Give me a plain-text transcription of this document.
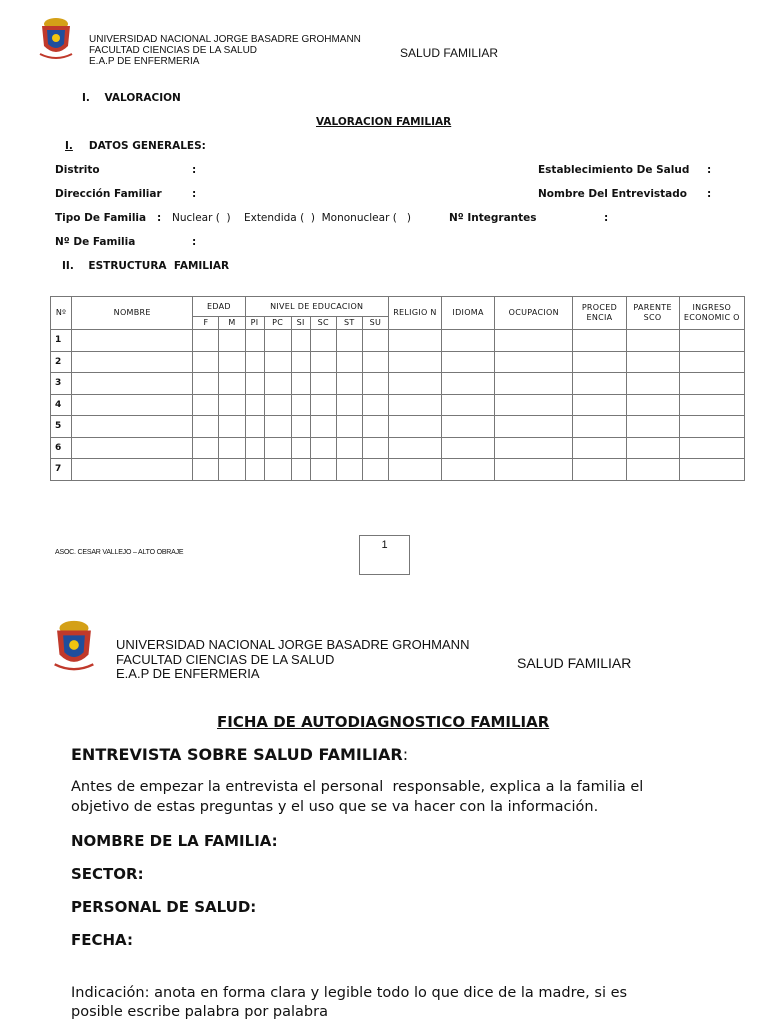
UNIVERSIDAD NACIONAL JORGE BASADRE GROHMANN
FACULTAD CIENCIAS DE LA SALUD
E.A.P DE ENFERMERIA
SALUD FAMILIAR
I.    VALORACION
VALORACION FAMILIAR
I. DATOS GENERALES:
Distrito	:	Establecimiento De Salud :
Dirección Familiar	:	Nombre Del Entrevistado :
Tipo De Familia : Nuclear (  )    Extendida (  )  Mononuclear (   )	Nº Integrantes	:
Nº De Familia	:
II.    ESTRUCTURA  FAMILIAR
Nº	NOMBRE	EDAD		NIVEL DE EDUCACION						RELIGIO N	IDIOMA	OCUPACION	PROCED ENCIA	PARENTE SCO	INGRESO ECONOMIC O
		F	M	PI	PC	SI	SC	ST	SU						
1															
2															
3															
4															
5															
6															
7															
ASOC. CESAR VALLEJO – ALTO OBRAJE
1
UNIVERSIDAD NACIONAL JORGE BASADRE GROHMANN
FACULTAD CIENCIAS DE LA SALUD
E.A.P DE ENFERMERIA
SALUD FAMILIAR
FICHA DE AUTODIAGNOSTICO FAMILIAR
ENTREVISTA SOBRE SALUD FAMILIAR:
Antes de empezar la entrevista el personal  responsable, explica a la familia el
objetivo de estas preguntas y el uso que se va hacer con la información.
NOMBRE DE LA FAMILIA:
SECTOR:
PERSONAL DE SALUD:
FECHA:
Indicación: anota en forma clara y legible todo lo que dice de la madre, si es
posible escribe palabra por palabra
